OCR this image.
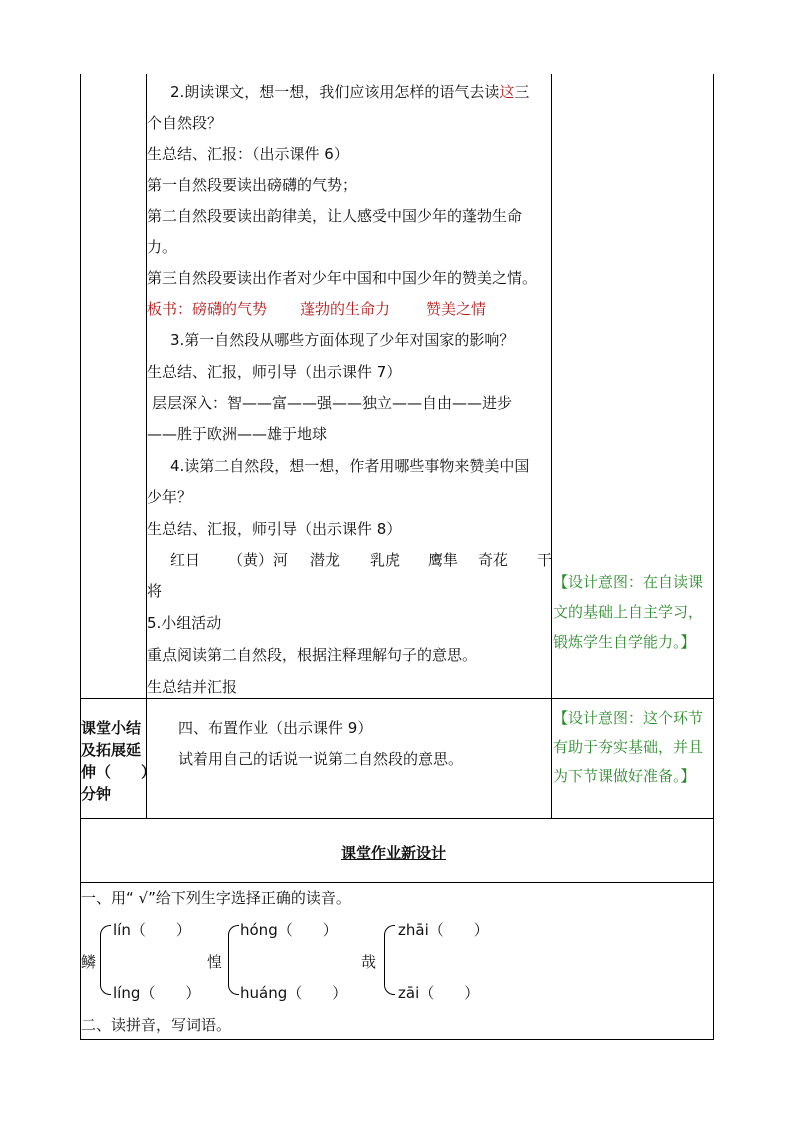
2.朗读课文，想一想，我们应该用怎样的语气去读这三
个自然段？
生总结、汇报：（出示课件 6）
第一自然段要读出磅礴的气势；
第二自然段要读出韵律美，让人感受中国少年的蓬勃生命
力。
第三自然段要读出作者对少年中国和中国少年的赞美之情。
板书：磅礴的气势 蓬勃的生命力 赞美之情
3.第一自然段从哪些方面体现了少年对国家的影响？
生总结、汇报，师引导（出示课件 7）
层层深入：智——富——强——独立——自由——进步
——胜于欧洲——雄于地球
4.读第二自然段，想一想，作者用哪些事物来赞美中国
少年？
生总结、汇报，师引导（出示课件 8）
红日 （黄）河 潜龙 乳虎 鹰隼 奇花 干
将
5.小组活动
重点阅读第二自然段，根据注释理解句子的意思。
生总结并汇报
【设计意图：在自读课
文的基础上自主学习，
锻炼学生自学能力。】
课堂小结
及拓展延
伸（　　）
分钟
四、布置作业（出示课件 9）
试着用自己的话说一说第二自然段的意思。
【设计意图：这个环节
有助于夯实基础，并且
为下节课做好准备。】
课堂作业新设计
一、用“ √”给下列生字选择正确的读音。
鳞
lín（　　）
líng（　　）
惶
hóng（　　）
huáng（　　）
哉
zhāi（　　）
zāi（　　）
二、读拼音，写词语。
